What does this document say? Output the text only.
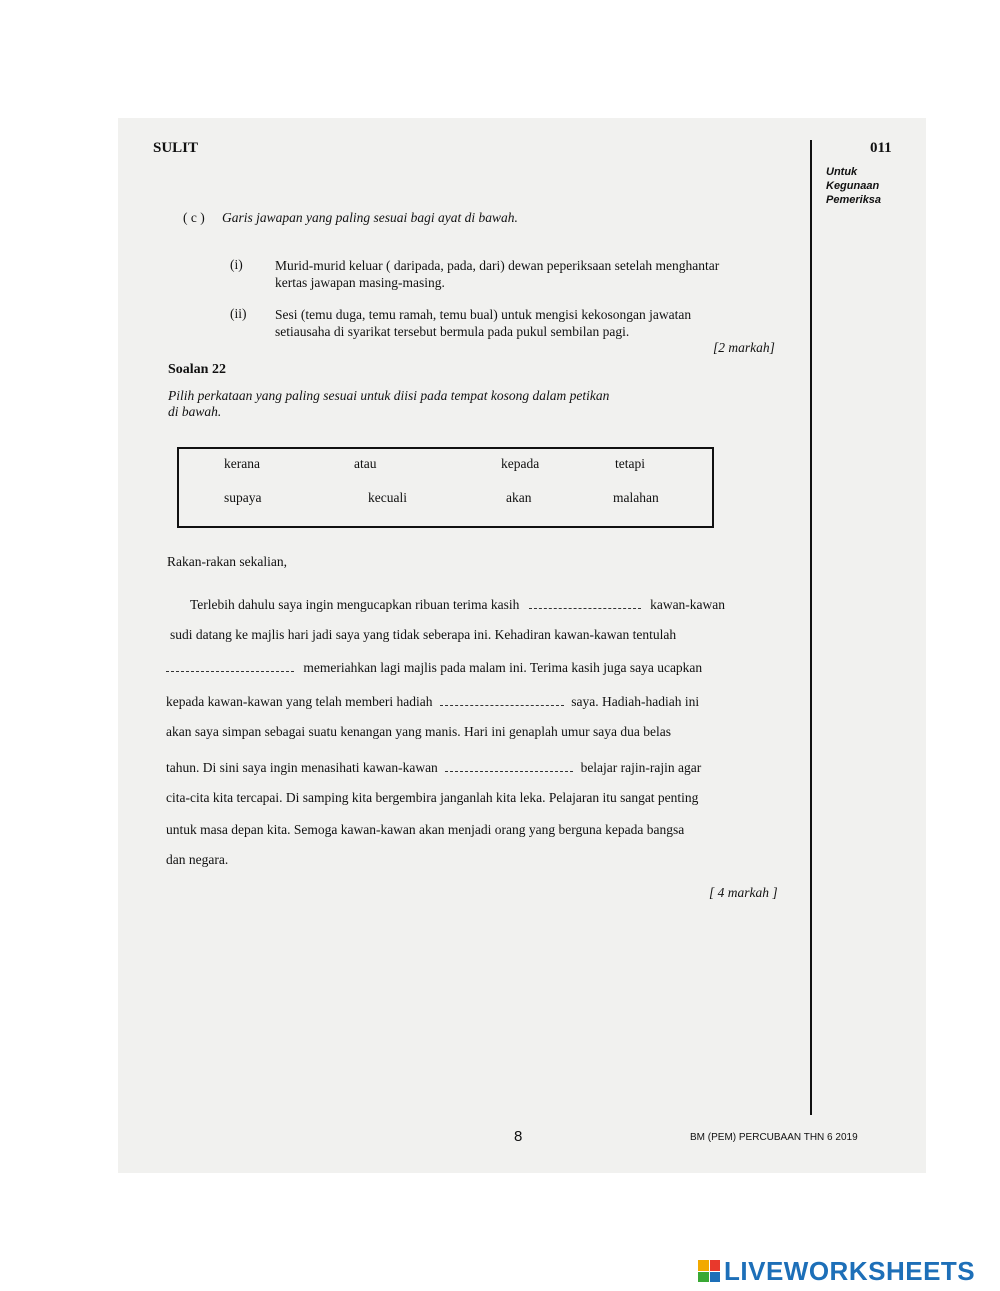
SULIT	011
Untuk
Kegunaan
Pemeriksa
( c ) Garis jawapan yang paling sesuai bagi ayat di bawah.
(i) Murid-murid keluar ( daripada, pada, dari) dewan peperiksaan setelah menghantar
kertas jawapan masing-masing.
(ii) Sesi (temu duga, temu ramah, temu bual) untuk mengisi kekosongan jawatan
setiausaha di syarikat tersebut bermula pada pukul sembilan pagi.
[2 markah]
Soalan 22
Pilih perkataan yang paling sesuai untuk diisi pada tempat kosong dalam petikan
di bawah.
kerana	atau	kepada	tetapi
supaya	kecuali	akan	malahan
Rakan-rakan sekalian,
Terlebih dahulu saya ingin mengucapkan ribuan terima kasih	kawan-kawan
sudi datang ke majlis hari jadi saya yang tidak seberapa ini. Kehadiran kawan-kawan tentulah
memeriahkan lagi majlis pada malam ini. Terima kasih juga saya ucapkan
kepada kawan-kawan yang telah memberi hadiah	saya. Hadiah-hadiah ini
akan saya simpan sebagai suatu kenangan yang manis. Hari ini genaplah umur saya dua belas
tahun. Di sini saya ingin menasihati kawan-kawan	belajar rajin-rajin agar
cita-cita kita tercapai. Di samping kita bergembira janganlah kita leka. Pelajaran itu sangat penting
untuk masa depan kita. Semoga kawan-kawan akan menjadi orang yang berguna kepada bangsa
dan negara.
[ 4 markah ]
8	BM (PEM) PERCUBAAN THN 6 2019
LIVEWORKSHEETS
